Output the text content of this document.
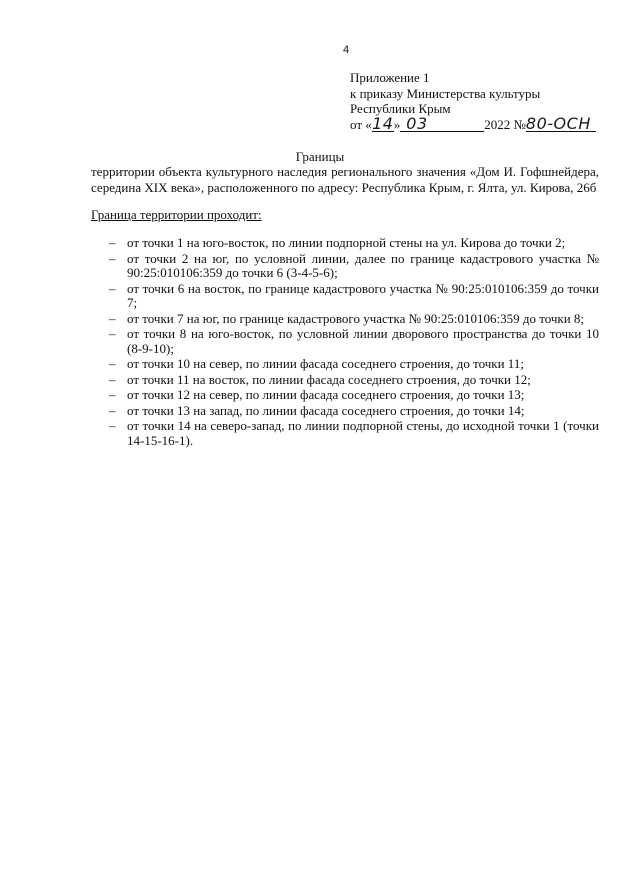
4
Приложение 1
к приказу Министерства культуры
Республики Крым
от «14» 03	2022 №80-ОСН
Границы
территории объекта культурного наследия регионального значения «Дом И. Гофшнейдера, середина XIX века», расположенного по адресу: Республика Крым, г. Ялта, ул. Кирова, 26б
Граница территории проходит:
– от точки 1 на юго-восток, по линии подпорной стены на ул. Кирова до точки 2;
– от точки 2 на юг, по условной линии, далее по границе кадастрового участка № 90:25:010106:359 до точки 6 (3-4-5-6);
– от точки 6 на восток, по границе кадастрового участка № 90:25:010106:359 до точки 7;
– от точки 7 на юг, по границе кадастрового участка № 90:25:010106:359 до точки 8;
– от точки 8 на юго-восток, по условной линии дворового пространства до точки 10 (8-9-10);
– от точки 10 на север, по линии фасада соседнего строения, до точки 11;
– от точки 11 на восток, по линии фасада соседнего строения, до точки 12;
– от точки 12 на север, по линии фасада соседнего строения, до точки 13;
– от точки 13 на запад, по линии фасада соседнего строения, до точки 14;
– от точки 14 на северо-запад, по линии подпорной стены, до исходной точки 1 (точки 14-15-16-1).
